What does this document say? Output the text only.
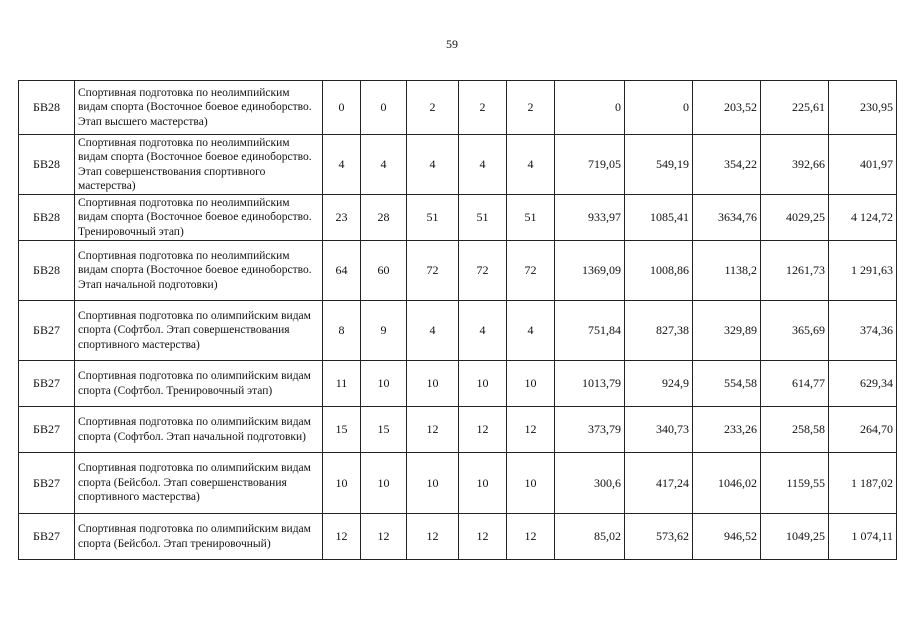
59
БВ28	Спортивная подготовка по неолимпийским видам спорта (Восточное боевое единоборство. Этап высшего мастерства)	0	0	2	2	2	0	0	203,52	225,61	230,95
БВ28	Спортивная подготовка по неолимпийским видам спорта (Восточное боевое единоборство. Этап совершенствования спортивного мастерства)	4	4	4	4	4	719,05	549,19	354,22	392,66	401,97
БВ28	Спортивная подготовка по неолимпийским видам спорта (Восточное боевое единоборство. Тренировочный этап)	23	28	51	51	51	933,97	1085,41	3634,76	4029,25	4 124,72
БВ28	Спортивная подготовка по неолимпийским видам спорта (Восточное боевое единоборство. Этап начальной подготовки)	64	60	72	72	72	1369,09	1008,86	1138,2	1261,73	1 291,63
БВ27	Спортивная подготовка по олимпийским видам спорта (Софтбол. Этап совершенствования спортивного мастерства)	8	9	4	4	4	751,84	827,38	329,89	365,69	374,36
БВ27	Спортивная подготовка по олимпийским видам спорта (Софтбол. Тренировочный этап)	11	10	10	10	10	1013,79	924,9	554,58	614,77	629,34
БВ27	Спортивная подготовка по олимпийским видам спорта (Софтбол. Этап начальной подготовки)	15	15	12	12	12	373,79	340,73	233,26	258,58	264,70
БВ27	Спортивная подготовка по олимпийским видам спорта (Бейсбол. Этап совершенствования спортивного мастерства)	10	10	10	10	10	300,6	417,24	1046,02	1159,55	1 187,02
БВ27	Спортивная подготовка по олимпийским видам спорта (Бейсбол. Этап тренировочный)	12	12	12	12	12	85,02	573,62	946,52	1049,25	1 074,11
